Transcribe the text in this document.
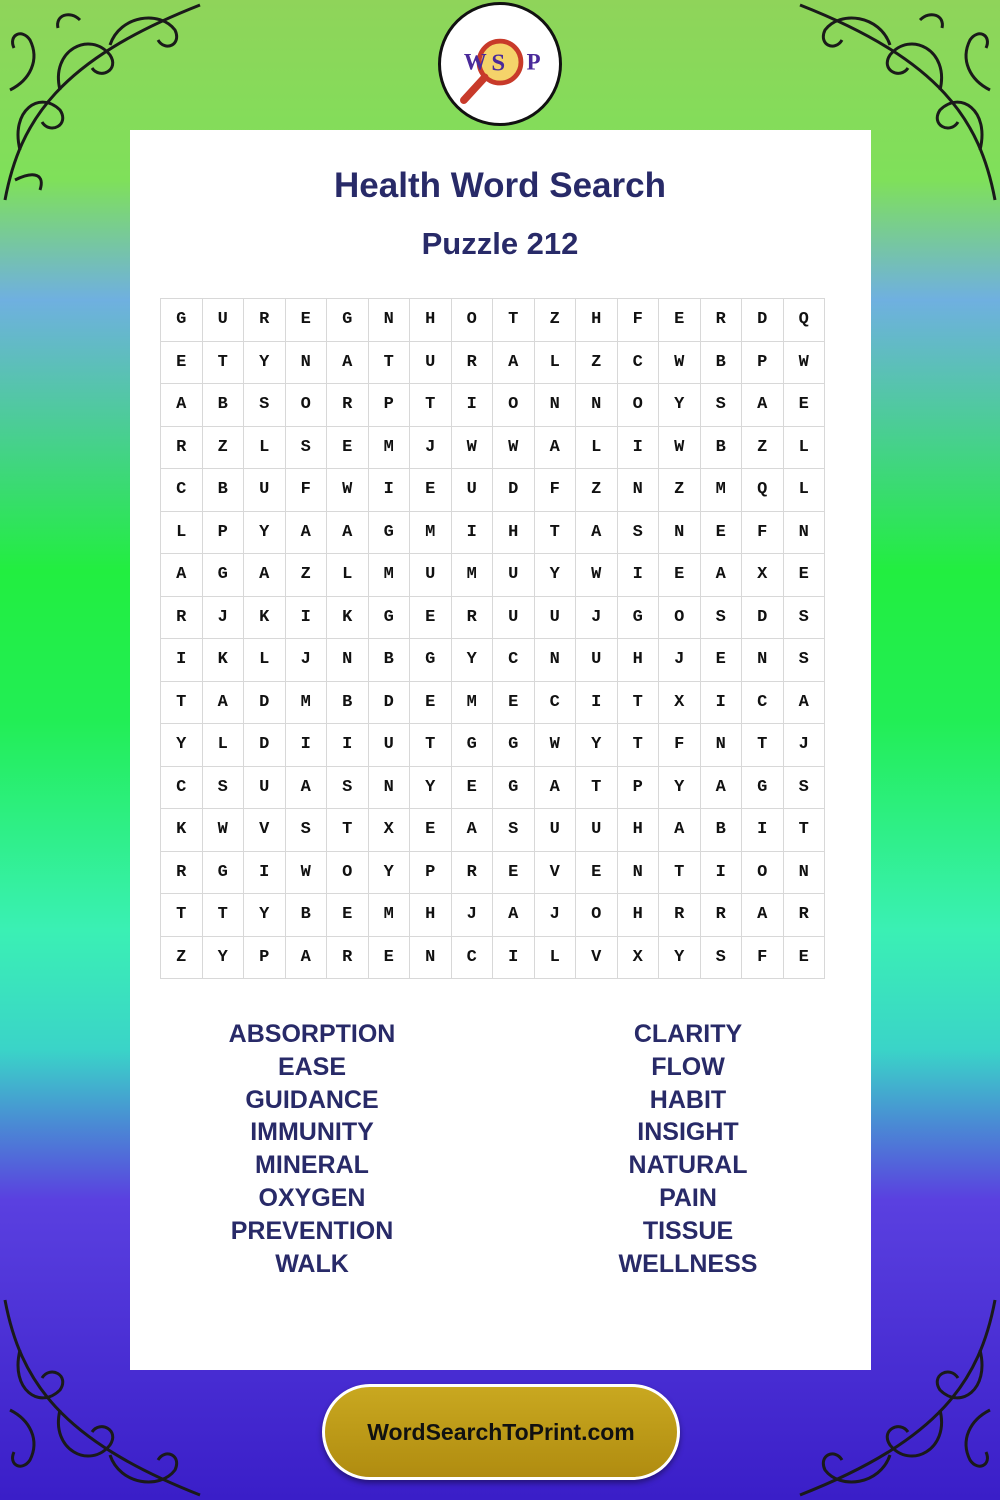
W S P
Health Word Search
Puzzle 212
G	U	R	E	G	N	H	O	T	Z	H	F	E	R	D	Q
E	T	Y	N	A	T	U	R	A	L	Z	C	W	B	P	W
A	B	S	O	R	P	T	I	O	N	N	O	Y	S	A	E
R	Z	L	S	E	M	J	W	W	A	L	I	W	B	Z	L
C	B	U	F	W	I	E	U	D	F	Z	N	Z	M	Q	L
L	P	Y	A	A	G	M	I	H	T	A	S	N	E	F	N
A	G	A	Z	L	M	U	M	U	Y	W	I	E	A	X	E
R	J	K	I	K	G	E	R	U	U	J	G	O	S	D	S
I	K	L	J	N	B	G	Y	C	N	U	H	J	E	N	S
T	A	D	M	B	D	E	M	E	C	I	T	X	I	C	A
Y	L	D	I	I	U	T	G	G	W	Y	T	F	N	T	J
C	S	U	A	S	N	Y	E	G	A	T	P	Y	A	G	S
K	W	V	S	T	X	E	A	S	U	U	H	A	B	I	T
R	G	I	W	O	Y	P	R	E	V	E	N	T	I	O	N
T	T	Y	B	E	M	H	J	A	J	O	H	R	R	A	R
Z	Y	P	A	R	E	N	C	I	L	V	X	Y	S	F	E
ABSORPTION
EASE
GUIDANCE
IMMUNITY
MINERAL
OXYGEN
PREVENTION
WALK
CLARITY
FLOW
HABIT
INSIGHT
NATURAL
PAIN
TISSUE
WELLNESS
WordSearchToPrint.com
